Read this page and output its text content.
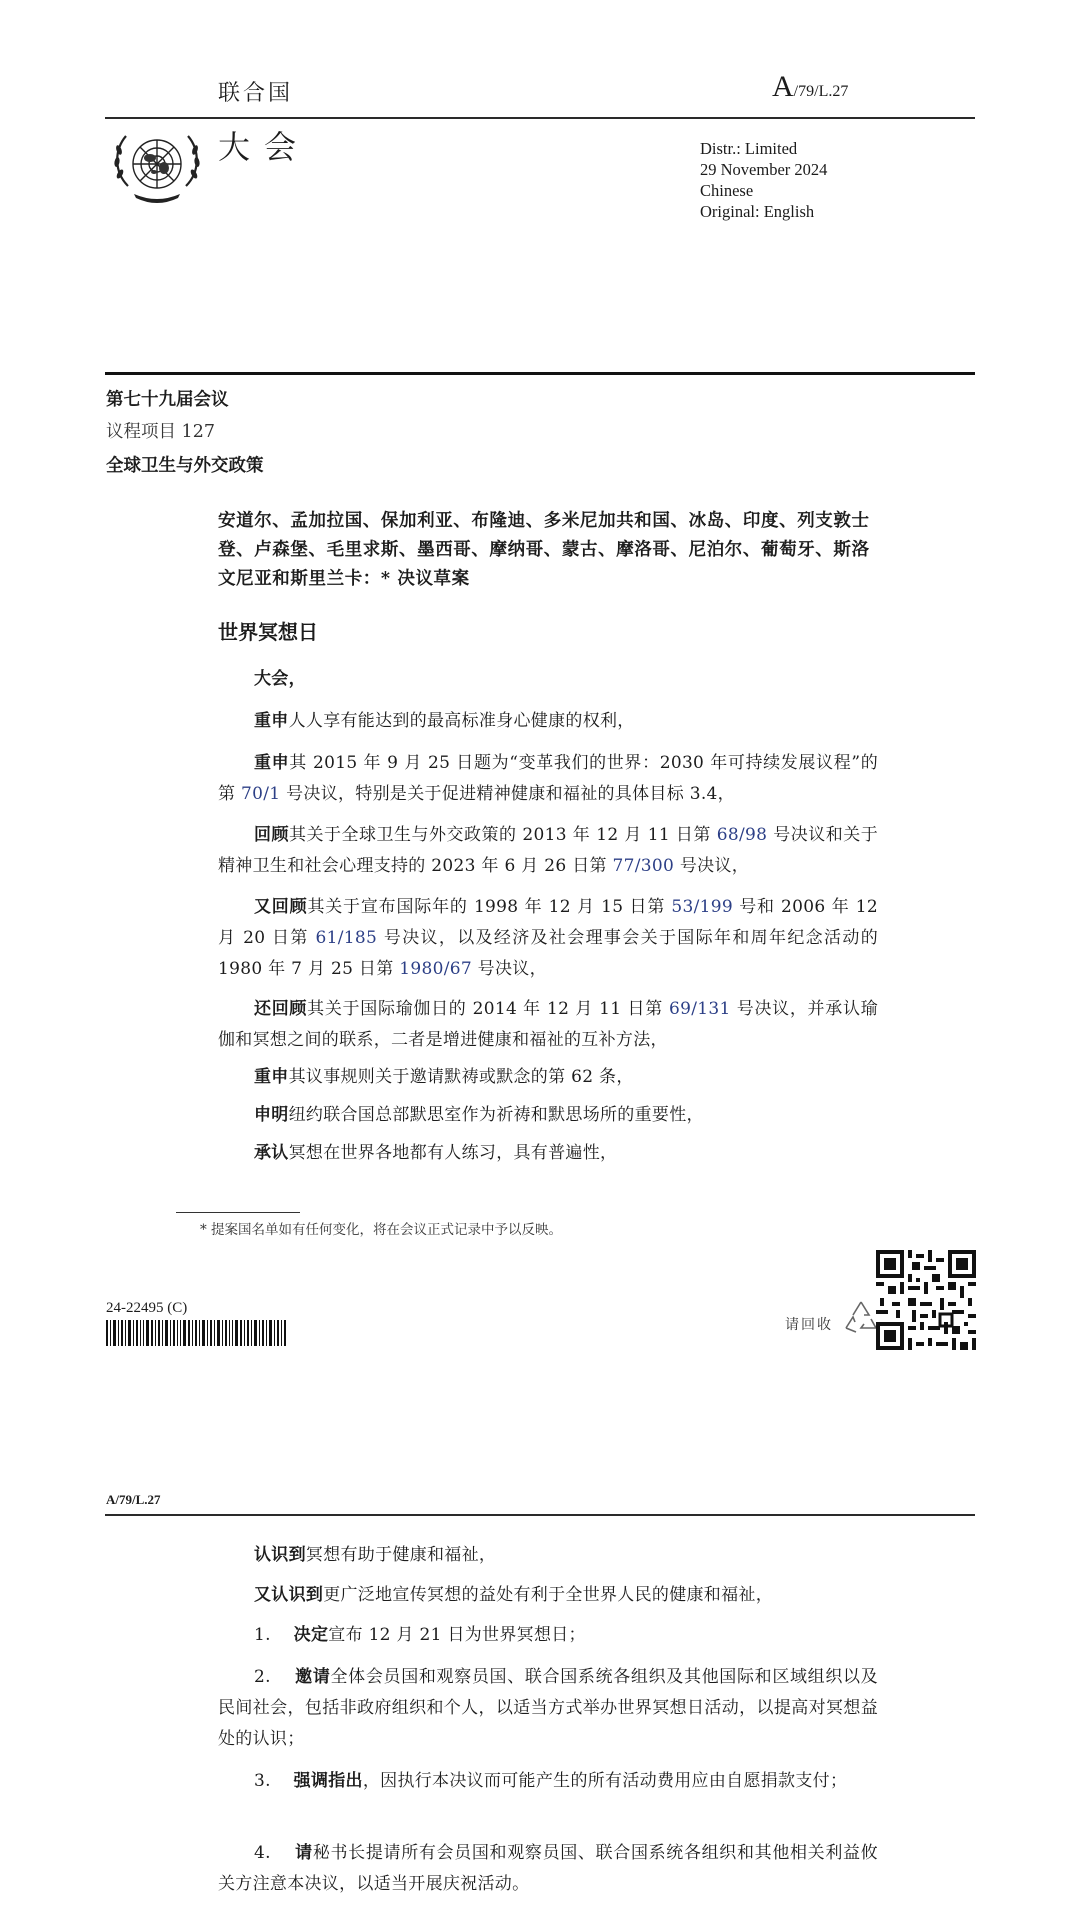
联合国	A/79/L.27
大会	Distr.: Limited
29 November 2024
Chinese
Original: English
第七十九届会议
议程项目 127
全球卫生与外交政策
安道尔、孟加拉国、保加利亚、布隆迪、多米尼加共和国、冰岛、印度、列支敦士登、卢森堡、毛里求斯、墨西哥、摩纳哥、蒙古、摩洛哥、尼泊尔、葡萄牙、斯洛文尼亚和斯里兰卡：* 决议草案
世界冥想日
大会，
重申人人享有能达到的最高标准身心健康的权利，
重申其 2015 年 9 月 25 日题为“变革我们的世界：2030 年可持续发展议程”的第 70/1 号决议，特别是关于促进精神健康和福祉的具体目标 3.4，
回顾其关于全球卫生与外交政策的 2013 年 12 月 11 日第 68/98 号决议和关于精神卫生和社会心理支持的 2023 年 6 月 26 日第 77/300 号决议，
又回顾其关于宣布国际年的 1998 年 12 月 15 日第 53/199 号和 2006 年 12 月 20 日第 61/185 号决议，以及经济及社会理事会关于国际年和周年纪念活动的 1980 年 7 月 25 日第 1980/67 号决议，
还回顾其关于国际瑜伽日的 2014 年 12 月 11 日第 69/131 号决议，并承认瑜伽和冥想之间的联系，二者是增进健康和福祉的互补方法，
重申其议事规则关于邀请默祷或默念的第 62 条，
申明纽约联合国总部默思室作为祈祷和默思场所的重要性，
承认冥想在世界各地都有人练习，具有普遍性，
* 提案国名单如有任何变化，将在会议正式记录中予以反映。
24-22495 (C)
请回收
A/79/L.27
认识到冥想有助于健康和福祉，
又认识到更广泛地宣传冥想的益处有利于全世界人民的健康和福祉，
1. 决定宣布 12 月 21 日为世界冥想日；
2. 邀请全体会员国和观察员国、联合国系统各组织及其他国际和区域组织以及民间社会，包括非政府组织和个人，以适当方式举办世界冥想日活动，以提高对冥想益处的认识；
3. 强调指出，因执行本决议而可能产生的所有活动费用应由自愿捐款支付；
4. 请秘书长提请所有会员国和观察员国、联合国系统各组织和其他相关利益攸关方注意本决议，以适当开展庆祝活动。
